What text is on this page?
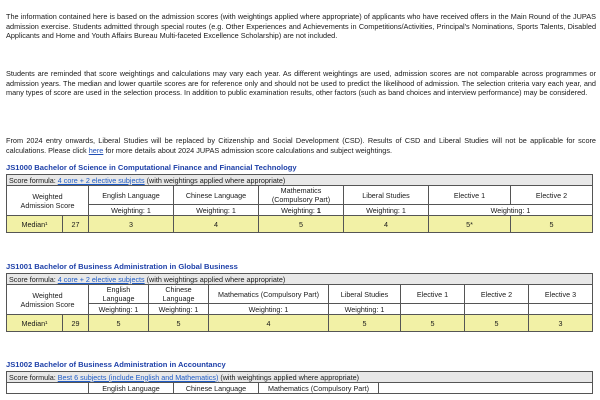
The information contained here is based on the admission scores (with weightings applied where appropriate) of applicants who have received offers in the Main Round of the JUPAS admission exercise. Students admitted through special routes (e.g. Other Experiences and Achievements in Competitions/Activities, Principal's Nominations, Sports Talents, Disabled Applicants and Home and Youth Affairs Bureau Multi-faceted Excellence Scholarship) are not included.

Students are reminded that score weightings and calculations may vary each year. As different weightings are used, admission scores are not comparable across programmes or admission years. The median and lower quartile scores are for reference only and should not be used to predict the likelihood of admission. The selection criteria vary each year, and many types of score are used in the selection process. In addition to public examination results, other factors (such as band choices and interview performance) may be considered.

From 2024 entry onwards, Liberal Studies will be replaced by Citizenship and Social Development (CSD). Results of CSD and Liberal Studies will not be applicable for score calculations. Please click here for more details about 2024 JUPAS admission score calculations and subject weightings.

JS1000 Bachelor of Science in Computational Finance and Financial Technology
Score formula: 4 core + 2 elective subjects (with weightings applied where appropriate)							

Weighted
Admission Score		English Language	Chinese Language	Mathematics (Compulsory Part)	Liberal Studies	Elective 1	Elective 2
		Weighting: 1	Weighting: 1	Weighting: 1	Weighting: 1	Weighting: 1	
Median¹	27	3	4	5	4	5*	5
JS1001 Bachelor of Business Administration in Global Business
Score formula: 4 core + 2 elective subjects (with weightings applied where appropriate)								

Weighted
Admission Score		English Language	Chinese Language	Mathematics (Compulsory Part)	Liberal Studies	Elective 1	Elective 2	Elective 3
		Weighting: 1	Weighting: 1	Weighting: 1	Weighting: 1			
Median¹	29	5	5	4	5	5	5	3
JS1002 Bachelor of Business Administration in Accountancy
Score formula: Best 6 subjects (include English and Mathematics) (with weightings applied where appropriate)
	English Language	Chinese Language	Mathematics (Compulsory Part)	
